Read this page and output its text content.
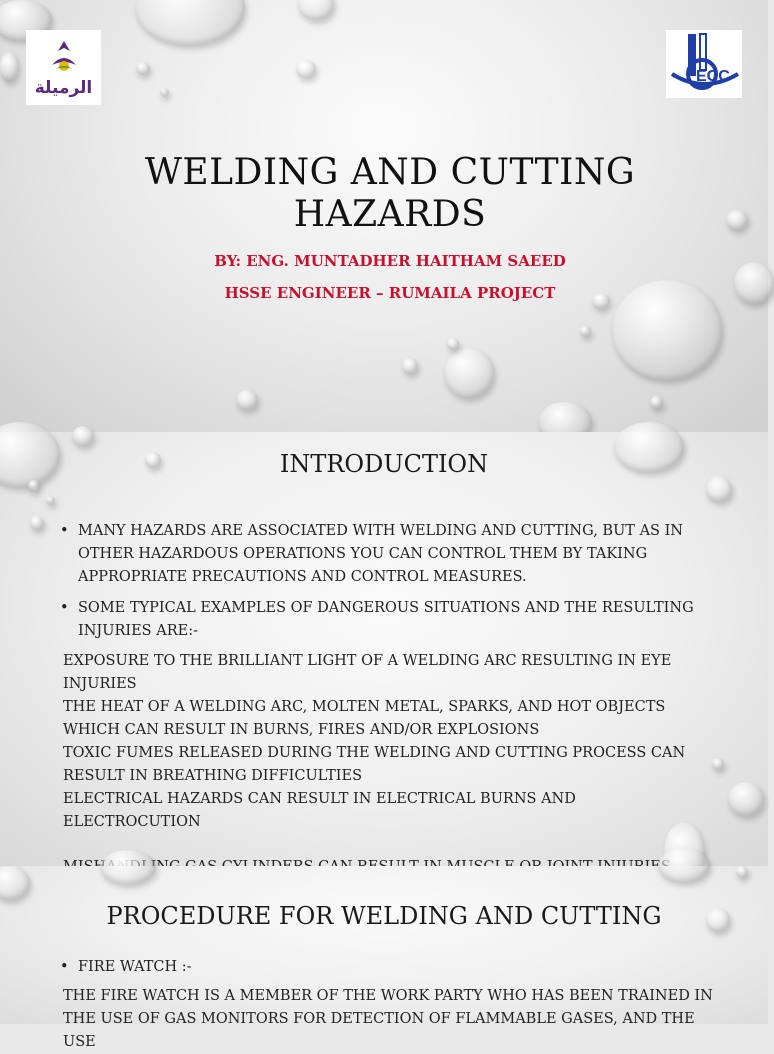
الرميلة
ECC
WELDING AND CUTTING
HAZARDS
BY: ENG. MUNTADHER HAITHAM SAEED
HSSE ENGINEER – RUMAILA PROJECT
INTRODUCTION
• MANY HAZARDS ARE ASSOCIATED WITH WELDING AND CUTTING, BUT AS IN OTHER HAZARDOUS OPERATIONS YOU CAN CONTROL THEM BY TAKING APPROPRIATE PRECAUTIONS AND CONTROL MEASURES.
• SOME TYPICAL EXAMPLES OF DANGEROUS SITUATIONS AND THE RESULTING INJURIES ARE:-

EXPOSURE TO THE BRILLIANT LIGHT OF A WELDING ARC RESULTING IN EYE INJURIES

THE HEAT OF A WELDING ARC, MOLTEN METAL, SPARKS, AND HOT OBJECTS WHICH CAN RESULT IN BURNS, FIRES AND/OR EXPLOSIONS

TOXIC FUMES RELEASED DURING THE WELDING AND CUTTING PROCESS CAN RESULT IN BREATHING DIFFICULTIES

ELECTRICAL HAZARDS CAN RESULT IN ELECTRICAL BURNS AND ELECTROCUTION

PROCEDURE FOR WELDING AND CUTTING
• FIRE WATCH :-

THE FIRE WATCH IS A MEMBER OF THE WORK PARTY WHO HAS BEEN TRAINED IN THE USE OF GAS MONITORS FOR DETECTION OF FLAMMABLE GASES, AND THE USE
